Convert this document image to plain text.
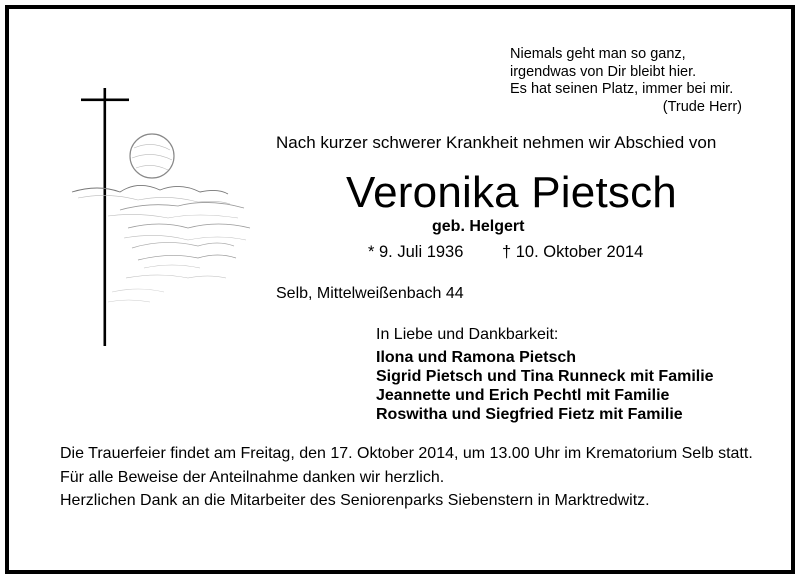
Niemals geht man so ganz,
irgendwas von Dir bleibt hier.
Es hat seinen Platz, immer bei mir.
(Trude Herr)
Nach kurzer schwerer Krankheit nehmen wir Abschied von
Veronika Pietsch
geb. Helgert
* 9. Juli 1936 † 10. Oktober 2014
Selb, Mittelweißenbach 44
In Liebe und Dankbarkeit:
Ilona und Ramona Pietsch
Sigrid Pietsch und Tina Runneck mit Familie
Jeannette und Erich Pechtl mit Familie
Roswitha und Siegfried Fietz mit Familie

Die Trauerfeier findet am Freitag, den 17. Oktober 2014, um 13.00 Uhr im Krematorium Selb statt.

Für alle Beweise der Anteilnahme danken wir herzlich.

Herzlichen Dank an die Mitarbeiter des Seniorenparks Siebenstern in Marktredwitz.
